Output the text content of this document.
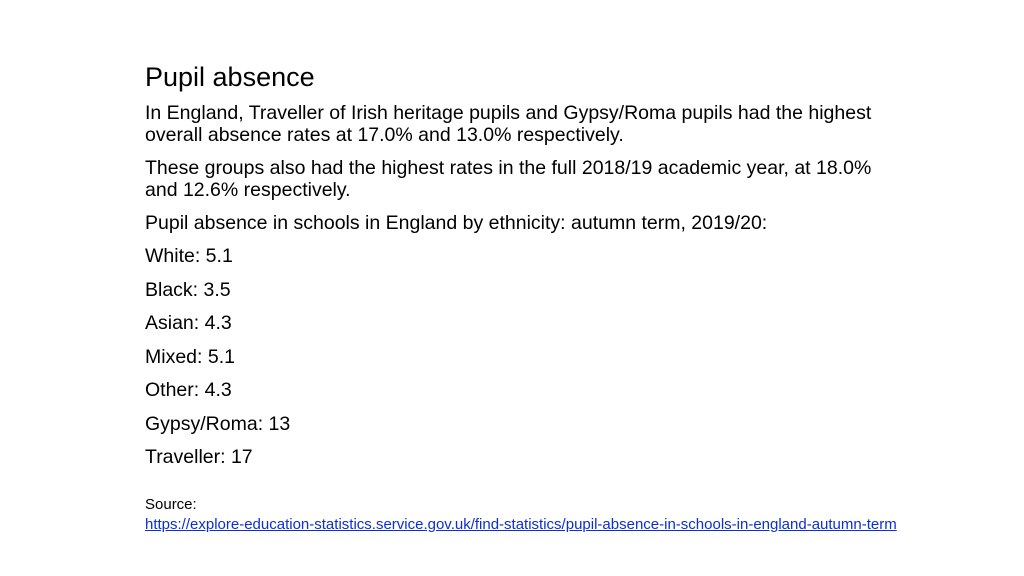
Pupil absence
In England, Traveller of Irish heritage pupils and Gypsy/Roma pupils had the highest overall absence rates at 17.0% and 13.0% respectively.
These groups also had the highest rates in the full 2018/19 academic year, at 18.0% and 12.6% respectively.
Pupil absence in schools in England by ethnicity: autumn term, 2019/20:
White: 5.1
Black: 3.5
Asian: 4.3
Mixed: 5.1
Other: 4.3
Gypsy/Roma: 13
Traveller: 17
Source:
https://explore-education-statistics.service.gov.uk/find-statistics/pupil-absence-in-schools-in-england-autumn-term
